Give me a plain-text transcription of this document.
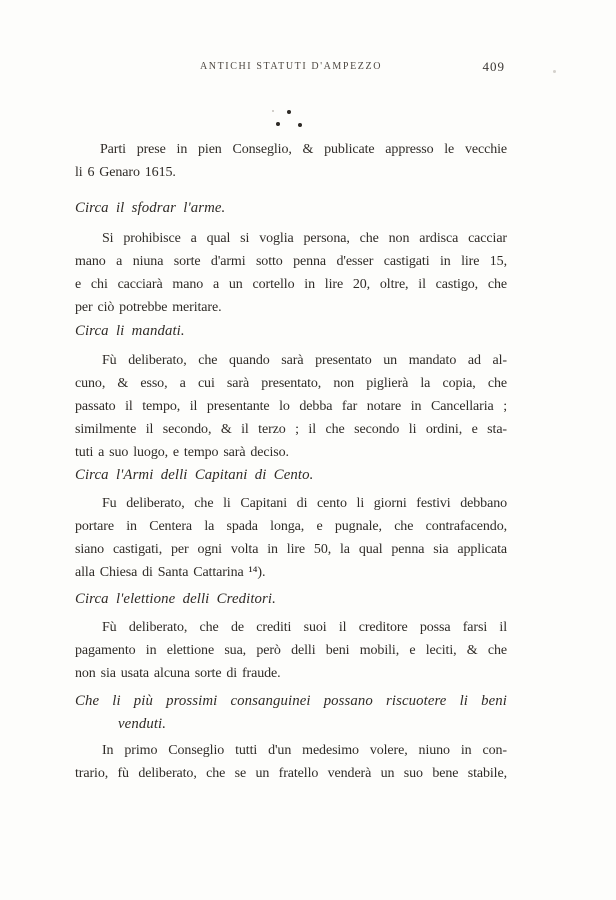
ANTICHI STATUTI D'AMPEZZO	409
Parti prese in pien Conseglio, & publicate appresso le vecchie
li 6 Genaro 1615.
Circa il sfodrar l'arme.
Si prohibisce a qual si voglia persona, che non ardisca cacciar
mano a niuna sorte d'armi sotto penna d'esser castigati in lire 15,
e chi cacciarà mano a un cortello in lire 20, oltre, il castigo, che
per ciò potrebbe meritare.
Circa li mandati.
Fù deliberato, che quando sarà presentato un mandato ad al-
cuno, & esso, a cui sarà presentato, non piglierà la copia, che
passato il tempo, il presentante lo debba far notare in Cancellaria ;
similmente il secondo, & il terzo ; il che secondo li ordini, e sta-
tuti a suo luogo, e tempo sarà deciso.
Circa l'Armi delli Capitani di Cento.
Fu deliberato, che li Capitani di cento li giorni festivi debbano
portare in Centera la spada longa, e pugnale, che contrafacendo,
siano castigati, per ogni volta in lire 50, la qual penna sia applicata
alla Chiesa di Santa Cattarina ¹⁴).
Circa l'elettione delli Creditori.
Fù deliberato, che de crediti suoi il creditore possa farsi il
pagamento in elettione sua, però delli beni mobili, e leciti, & che
non sia usata alcuna sorte di fraude.
Che li più prossimi consanguinei possano riscuotere li beni
venduti.
In primo Conseglio tutti d'un medesimo volere, niuno in con-
trario, fù deliberato, che se un fratello venderà un suo bene stabile,
